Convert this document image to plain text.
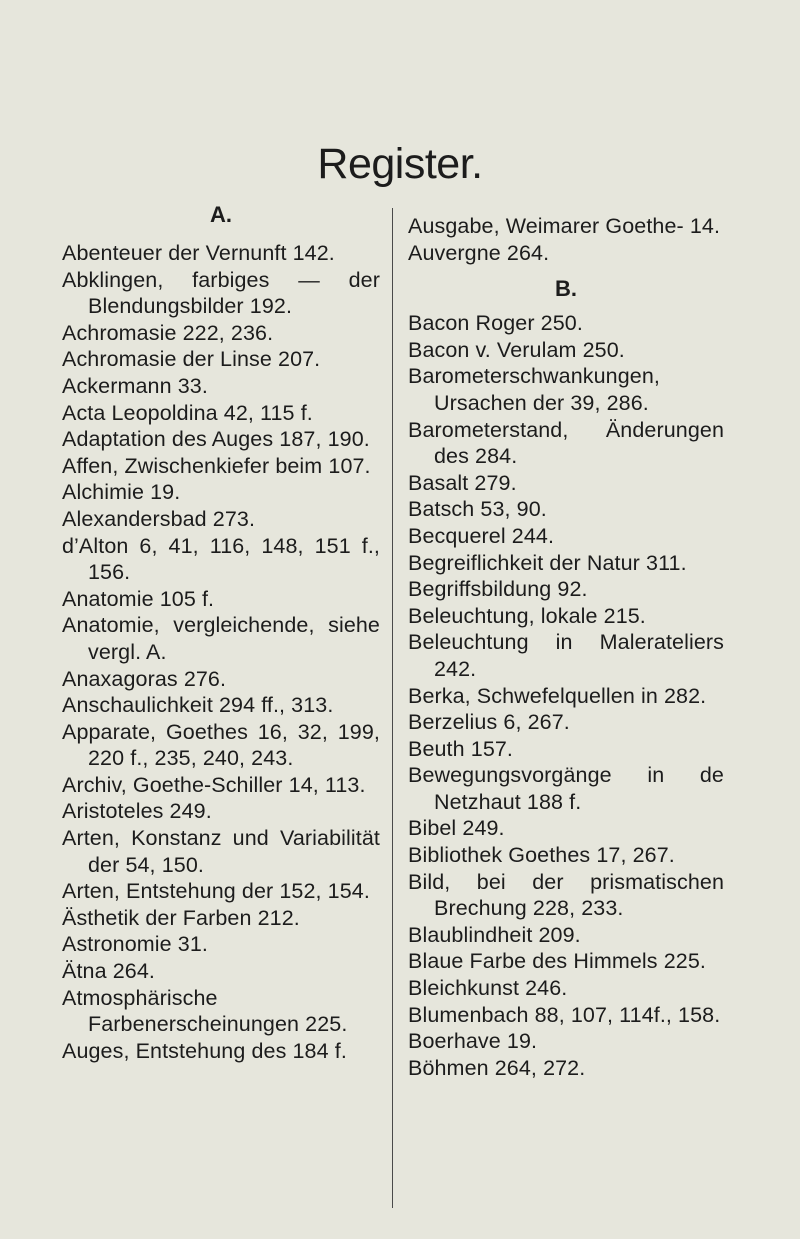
Register.
A.
Abenteuer der Vernunft 142.
Abklingen, farbiges — der Blendungsbilder 192.
Achromasie 222, 236.
Achromasie der Linse 207.
Ackermann 33.
Acta Leopoldina 42, 115 f.
Adaptation des Auges 187, 190.
Affen, Zwischenkiefer beim 107.
Alchimie 19.
Alexandersbad 273.
d’Alton 6, 41, 116, 148, 151 f., 156.
Anatomie 105 f.
Anatomie, vergleichende, siehe vergl. A.
Anaxagoras 276.
Anschaulichkeit 294 ff., 313.
Apparate, Goethes 16, 32, 199, 220 f., 235, 240, 243.
Archiv, Goethe-Schiller 14, 113.
Aristoteles 249.
Arten, Konstanz und Variabilität der 54, 150.
Arten, Entstehung der 152, 154.
Ästhetik der Farben 212.
Astronomie 31.
Ätna 264.
Atmosphärische Farbenerscheinungen 225.
Auges, Entstehung des 184 f.
Ausgabe, Weimarer Goethe- 14.
Auvergne 264.
B.
Bacon Roger 250.
Bacon v. Verulam 250.
Barometerschwankungen, Ursachen der 39, 286.
Barometerstand, Änderungen des 284.
Basalt 279.
Batsch 53, 90.
Becquerel 244.
Begreiflichkeit der Natur 311.
Begriffsbildung 92.
Beleuchtung, lokale 215.
Beleuchtung in Malerateliers 242.
Berka, Schwefelquellen in 282.
Berzelius 6, 267.
Beuth 157.
Bewegungsvorgänge in de Netzhaut 188 f.
Bibel 249.
Bibliothek Goethes 17, 267.
Bild, bei der prismatischen Brechung 228, 233.
Blaublindheit 209.
Blaue Farbe des Himmels 225.
Bleichkunst 246.
Blumenbach 88, 107, 114f., 158.
Boerhave 19.
Böhmen 264, 272.
